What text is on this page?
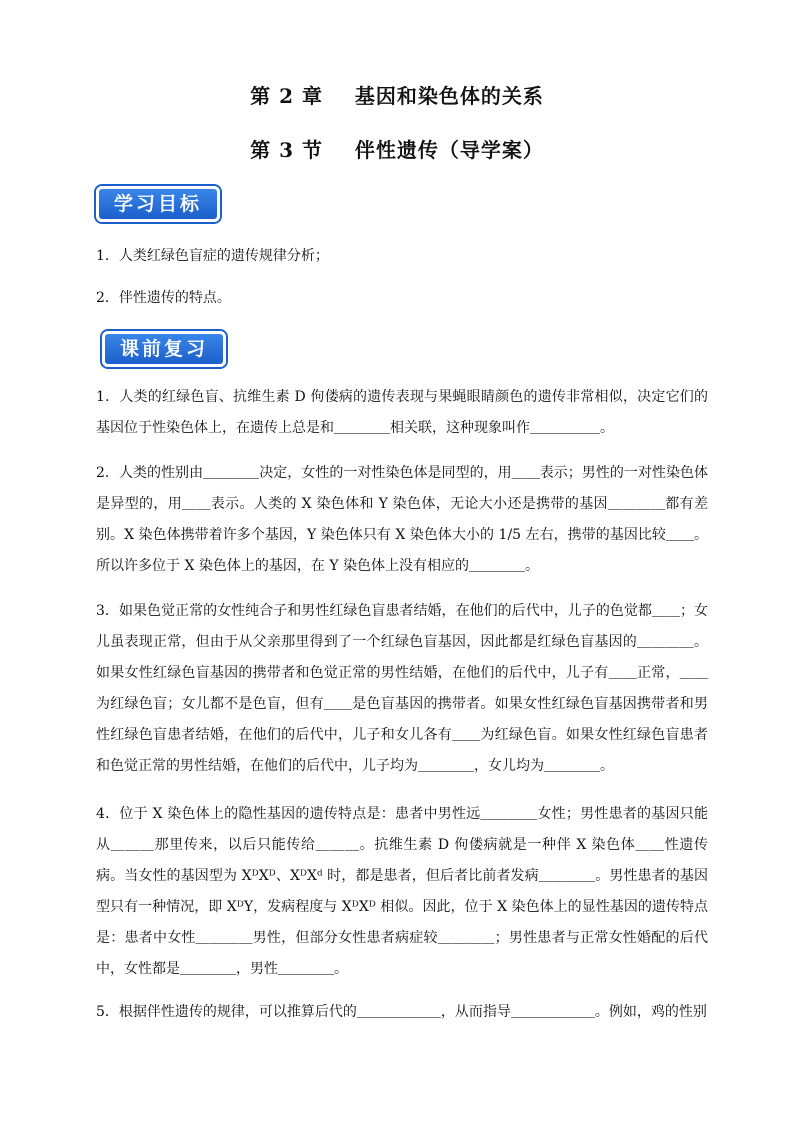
第 2 章    基因和染色体的关系
第 3 节    伴性遗传（导学案）
学习目标
1．人类红绿色盲症的遗传规律分析；
2．伴性遗传的特点。
课前复习
1．人类的红绿色盲、抗维生素 D 佝偻病的遗传表现与果蝇眼睛颜色的遗传非常相似，决定它们的基因位于性染色体上，在遗传上总是和＿＿＿＿相关联，这种现象叫作＿＿＿＿＿。
2．人类的性别由＿＿＿＿决定，女性的一对性染色体是同型的，用＿＿表示；男性的一对性染色体是异型的，用＿＿表示。人类的 X 染色体和 Y 染色体，无论大小还是携带的基因＿＿＿＿都有差别。X 染色体携带着许多个基因，Y 染色体只有 X 染色体大小的 1/5 左右，携带的基因比较＿＿。所以许多位于 X 染色体上的基因，在 Y 染色体上没有相应的＿＿＿＿。
3．如果色觉正常的女性纯合子和男性红绿色盲患者结婚，在他们的后代中，儿子的色觉都＿＿；女儿虽表现正常，但由于从父亲那里得到了一个红绿色盲基因，因此都是红绿色盲基因的＿＿＿＿。如果女性红绿色盲基因的携带者和色觉正常的男性结婚，在他们的后代中，儿子有＿＿正常，＿＿为红绿色盲；女儿都不是色盲，但有＿＿是色盲基因的携带者。如果女性红绿色盲基因携带者和男性红绿色盲患者结婚，在他们的后代中，儿子和女儿各有＿＿为红绿色盲。如果女性红绿色盲患者和色觉正常的男性结婚，在他们的后代中，儿子均为＿＿＿＿，女儿均为＿＿＿＿。
4．位于 X 染色体上的隐性基因的遗传特点是：患者中男性远＿＿＿＿女性；男性患者的基因只能从＿＿＿那里传来，以后只能传给＿＿＿。抗维生素 D 佝偻病就是一种伴 X 染色体＿＿性遗传病。当女性的基因型为 XᴰXᴰ、XᴰXᵈ 时，都是患者，但后者比前者发病＿＿＿＿。男性患者的基因型只有一种情况，即 XᴰY，发病程度与 XᴰXᴰ 相似。因此，位于 X 染色体上的显性基因的遗传特点是：患者中女性＿＿＿＿男性，但部分女性患者病症较＿＿＿＿；男性患者与正常女性婚配的后代中，女性都是＿＿＿＿，男性＿＿＿＿。
5．根据伴性遗传的规律，可以推算后代的＿＿＿＿＿＿，从而指导＿＿＿＿＿＿。例如，鸡的性别
